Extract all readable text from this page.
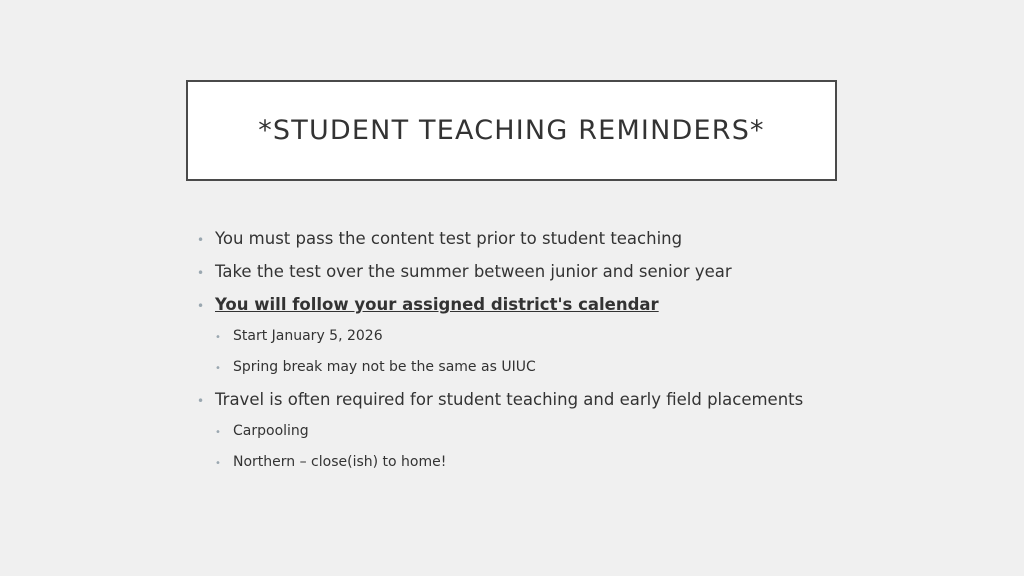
*STUDENT TEACHING REMINDERS*
• You must pass the content test prior to student teaching
• Take the test over the summer between junior and senior year
• You will follow your assigned district's calendar
• Start January 5, 2026
• Spring break may not be the same as UIUC
• Travel is often required for student teaching and early field placements
• Carpooling
• Northern – close(ish) to home!
